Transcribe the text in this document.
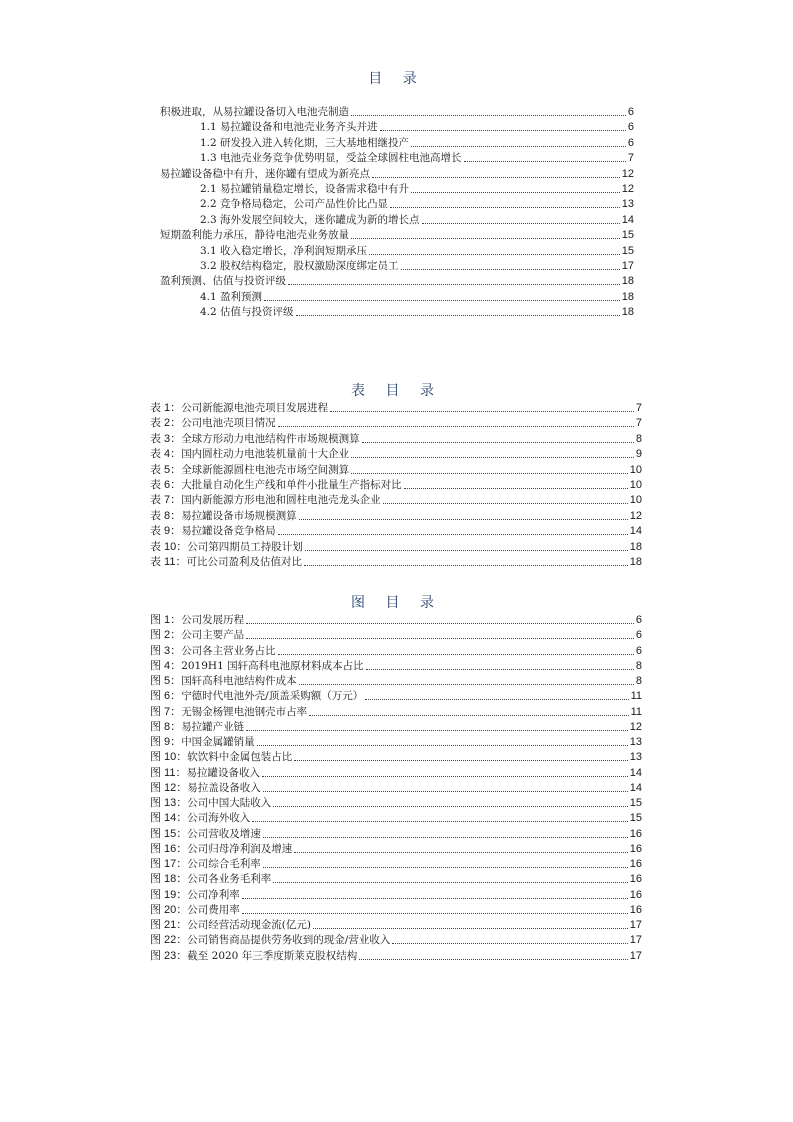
目 录
积极进取，从易拉罐设备切入电池壳制造	6
1.1 易拉罐设备和电池壳业务齐头并进	6
1.2 研发投入进入转化期，三大基地相继投产	6
1.3 电池壳业务竞争优势明显，受益全球圆柱电池高增长	7
易拉罐设备稳中有升，迷你罐有望成为新亮点	12
2.1 易拉罐销量稳定增长，设备需求稳中有升	12
2.2 竞争格局稳定，公司产品性价比凸显	13
2.3 海外发展空间较大，迷你罐成为新的增长点	14
短期盈利能力承压，静待电池壳业务放量	15
3.1 收入稳定增长，净利润短期承压	15
3.2 股权结构稳定，股权激励深度绑定员工	17
盈利预测、估值与投资评级	18
4.1 盈利预测	18
4.2 估值与投资评级	18
表 目 录
表 1：公司新能源电池壳项目发展进程	7
表 2：公司电池壳项目情况	7
表 3：全球方形动力电池结构件市场规模测算	8
表 4：国内圆柱动力电池装机量前十大企业	9
表 5：全球新能源圆柱电池壳市场空间测算	10
表 6：大批量自动化生产线和单件小批量生产指标对比	10
表 7：国内新能源方形电池和圆柱电池壳龙头企业	10
表 8：易拉罐设备市场规模测算	12
表 9：易拉罐设备竞争格局	14
表 10：公司第四期员工持股计划	18
表 11：可比公司盈利及估值对比	18
图 目 录
图 1：公司发展历程	6
图 2：公司主要产品	6
图 3：公司各主营业务占比	6
图 4：2019H1 国轩高科电池原材料成本占比	8
图 5：国轩高科电池结构件成本	8
图 6：宁德时代电池外壳/顶盖采购额（万元）	11
图 7：无锡金杨锂电池钢壳市占率	11
图 8：易拉罐产业链	12
图 9：中国金属罐销量	13
图 10：软饮料中金属包装占比	13
图 11：易拉罐设备收入	14
图 12：易拉盖设备收入	14
图 13：公司中国大陆收入	15
图 14：公司海外收入	15
图 15：公司营收及增速	16
图 16：公司归母净利润及增速	16
图 17：公司综合毛利率	16
图 18：公司各业务毛利率	16
图 19：公司净利率	16
图 20：公司费用率	16
图 21：公司经营活动现金流(亿元)	17
图 22：公司销售商品提供劳务收到的现金/营业收入	17
图 23：截至 2020 年三季度斯莱克股权结构	17
